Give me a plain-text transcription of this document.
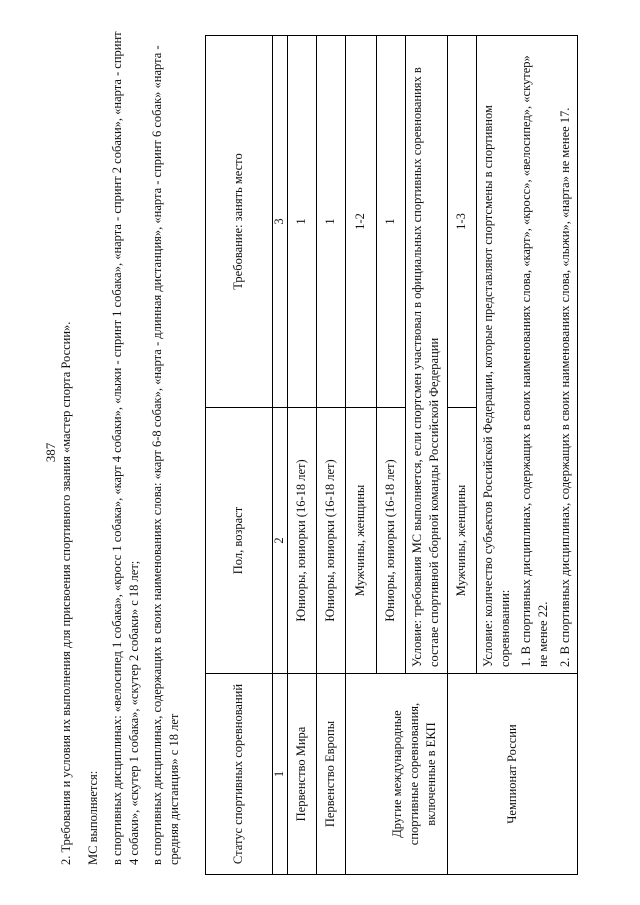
387 2. Требования и условия их выполнения для присвоения спортивного звания «мастер спорта России». МС выполняется: в спортивных дисциплинах: «велосипед 1 собака», «кросс 1 собака», «карт 4 собаки», «лыжи - спринт 1 собака», «нарта - спринт 2 собаки», «нарта - спринт 4 собаки», «скутер 1 собака», «скутер 2 собаки» с 18 лет; в спортивных дисциплинах, содержащих в своих наименованиях слова: «карт 6-8 собак», «нарта - длинная дистанция», «нарта - спринт 6 собак» «нарта - средняя дистанция» с 18 лет	Статус спортивных соревнований	Пол, возраст	Требование: занять место
1	2	3
Первенство Мира	Юниоры, юниорки (16-18 лет)	1
Первенство Европы	Юниоры, юниорки (16-18 лет)	1
Другие международные спортивные соревнования, включенные в ЕКП	Мужчины, женщины	1-2
	Юниоры, юниорки (16-18 лет)	1
	Условие: требования МС выполняется, если спортсмен участвовал в официальных спортивных соревнованиях в составе спортивной сборной команды Российской Федерации	
Чемпионат России	Мужчины, женщины	1-3

	Условие: количество субъектов Российской Федерации, которые представляют спортсмены в спортивном соревновании: 1. В спортивных дисциплинах, содержащих в своих наименованиях слова, «карт», «кросс», «велосипед», «скутер» не менее 22. 2. В спортивных дисциплинах, содержащих в своих наименованиях слова, «лыжи», «нарта» не менее 17.	
